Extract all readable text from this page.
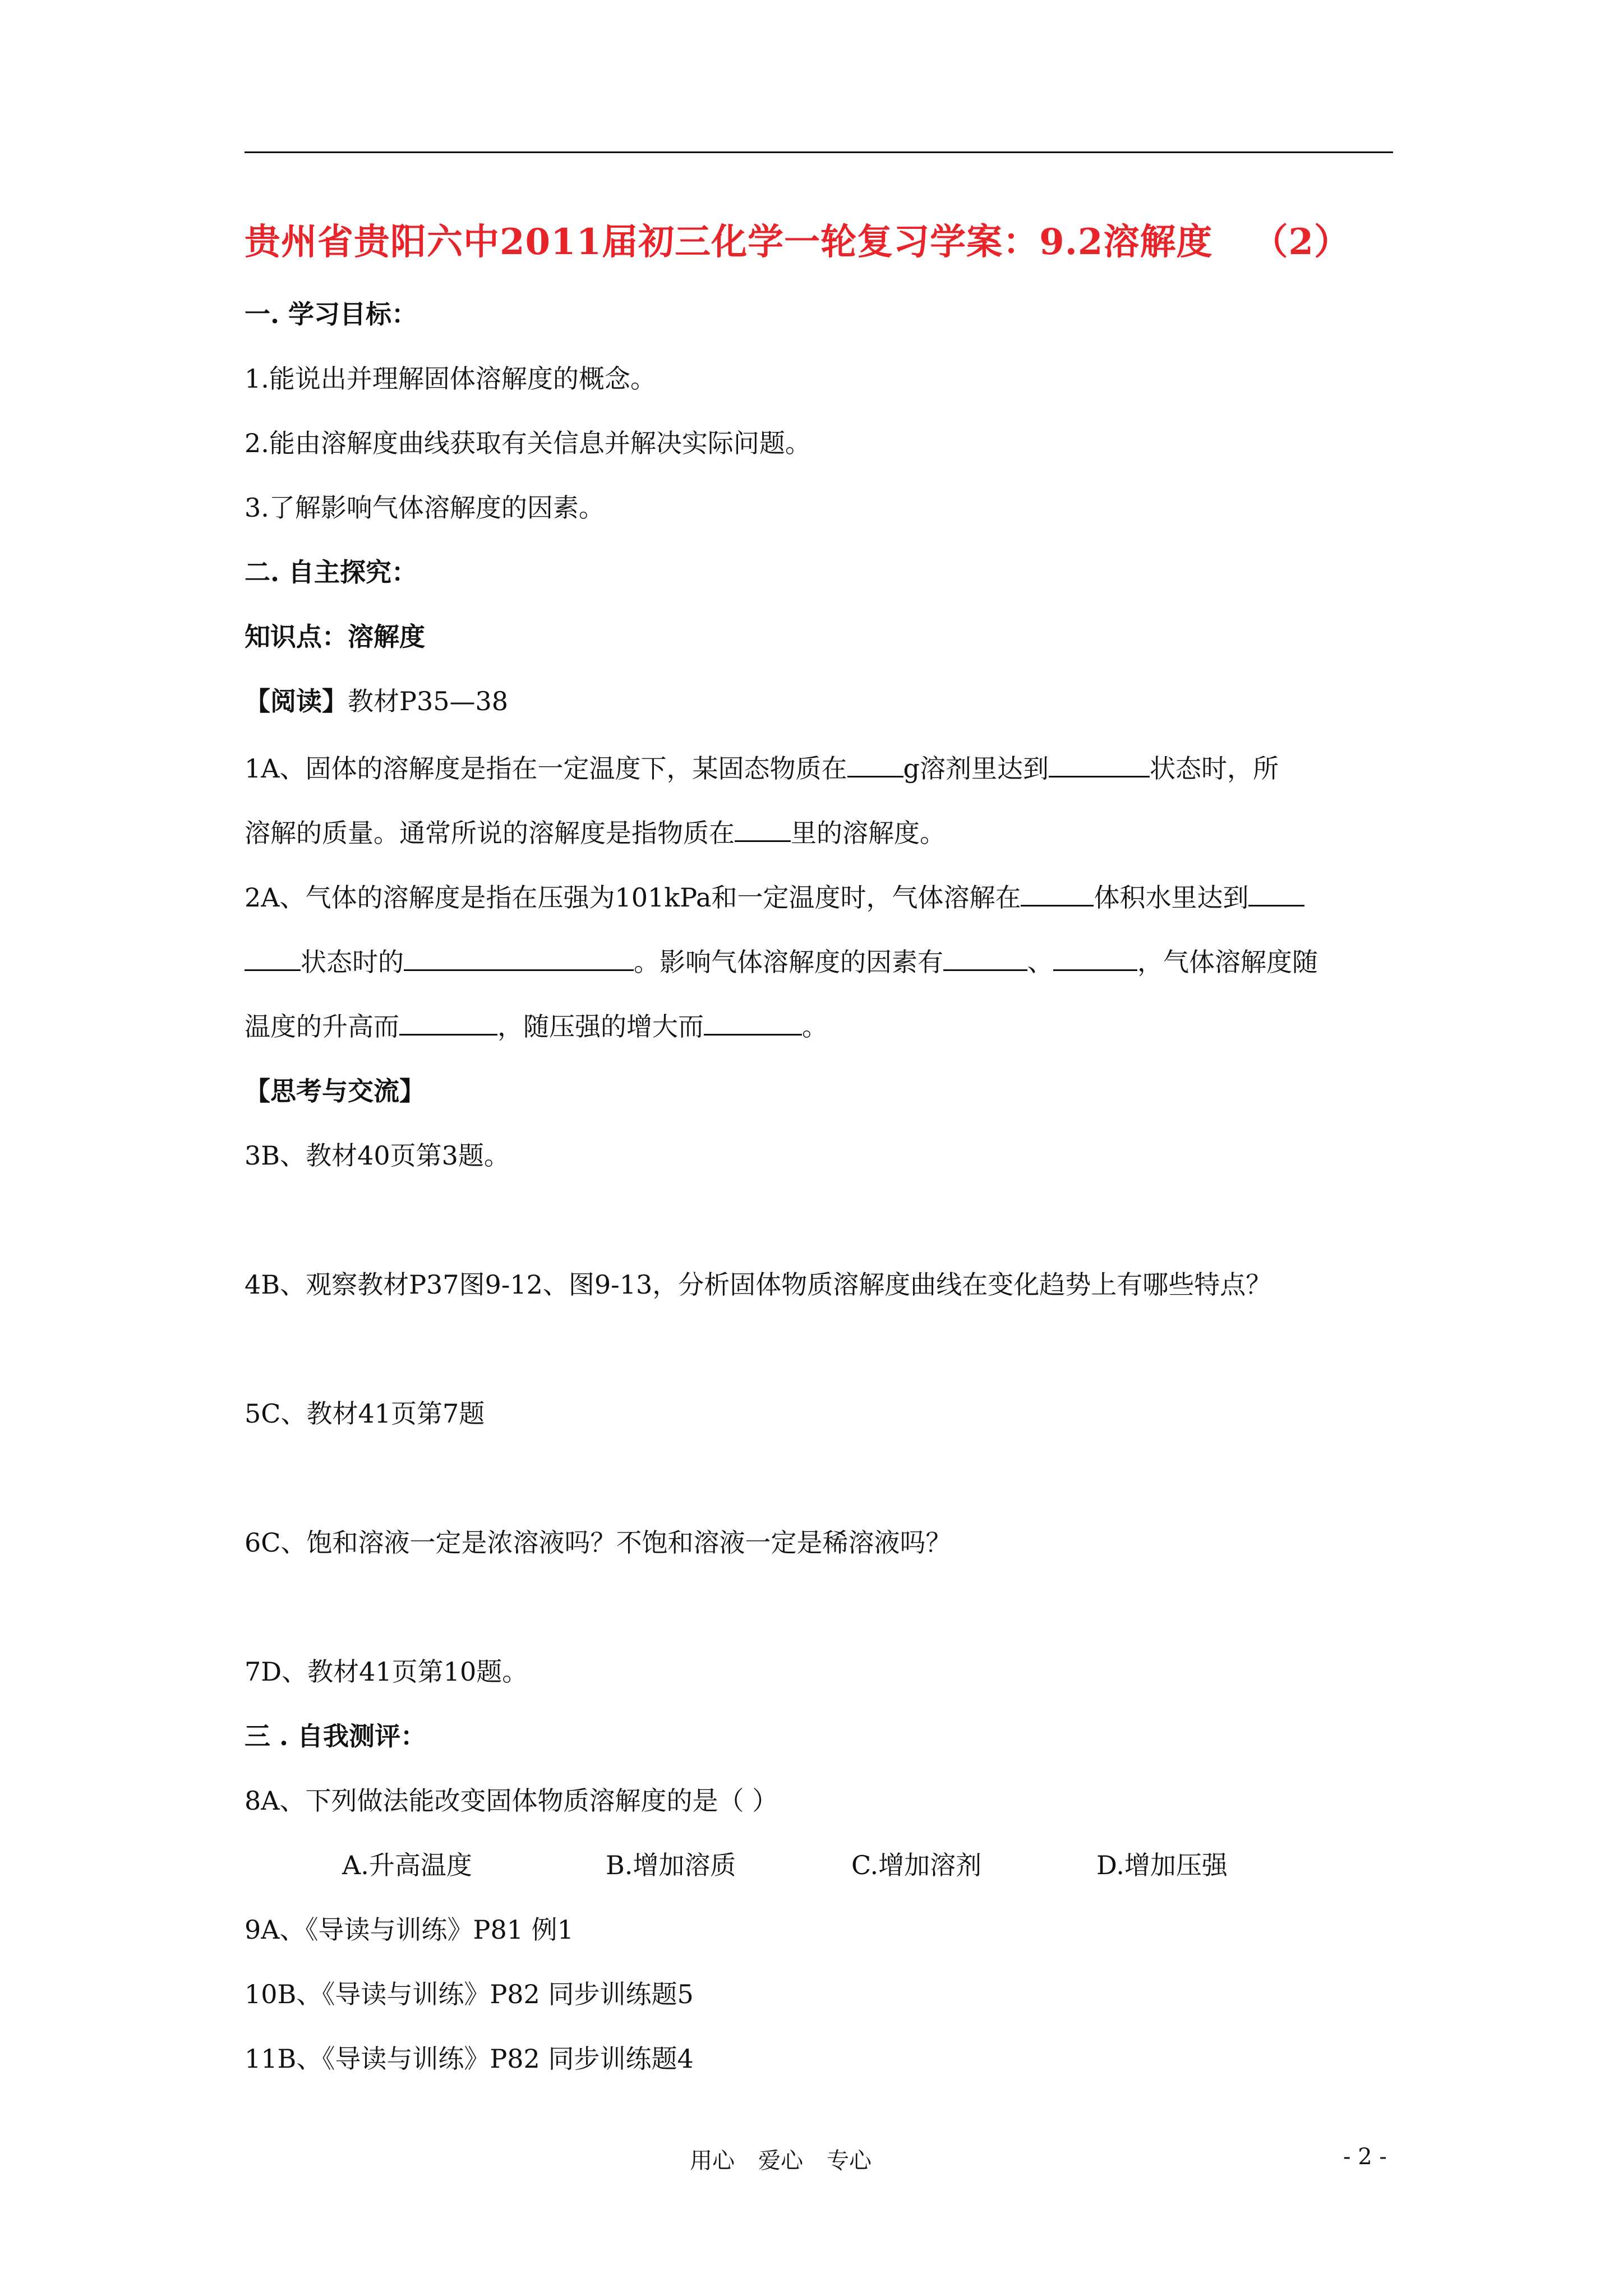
贵州省贵阳六中2011届初三化学一轮复习学案：9.2溶解度 （2）
一. 学习目标：
1.能说出并理解固体溶解度的概念。
2.能由溶解度曲线获取有关信息并解决实际问题。
3.了解影响气体溶解度的因素。
二. 自主探究：
知识点：溶解度
【阅读】教材P35—38
1A、固体的溶解度是指在一定温度下，某固态物质在 g溶剂里达到	状态时，所
溶解的质量。通常所说的溶解度是指物质在 里的溶解度。
2A、气体的溶解度是指在压强为101kPa和一定温度时，气体溶解在	体积水里达到
状态时的	。影响气体溶解度的因素有	、	，气体溶解度随
温度的升高而	，随压强的增大而	。
【思考与交流】
3B、教材40页第3题。
4B、观察教材P37图9-12、图9-13，分析固体物质溶解度曲线在变化趋势上有哪些特点？
5C、教材41页第7题
6C、饱和溶液一定是浓溶液吗？不饱和溶液一定是稀溶液吗？
7D、教材41页第10题。
三 . 自我测评：
8A、下列做法能改变固体物质溶解度的是（ ）
A.升高温度	B.增加溶质	C.增加溶剂	D.增加压强
9A、《导读与训练》P81 例1
10B、《导读与训练》P82 同步训练题5
11B、《导读与训练》P82 同步训练题4
用心 爱心 专心	- 2 -
